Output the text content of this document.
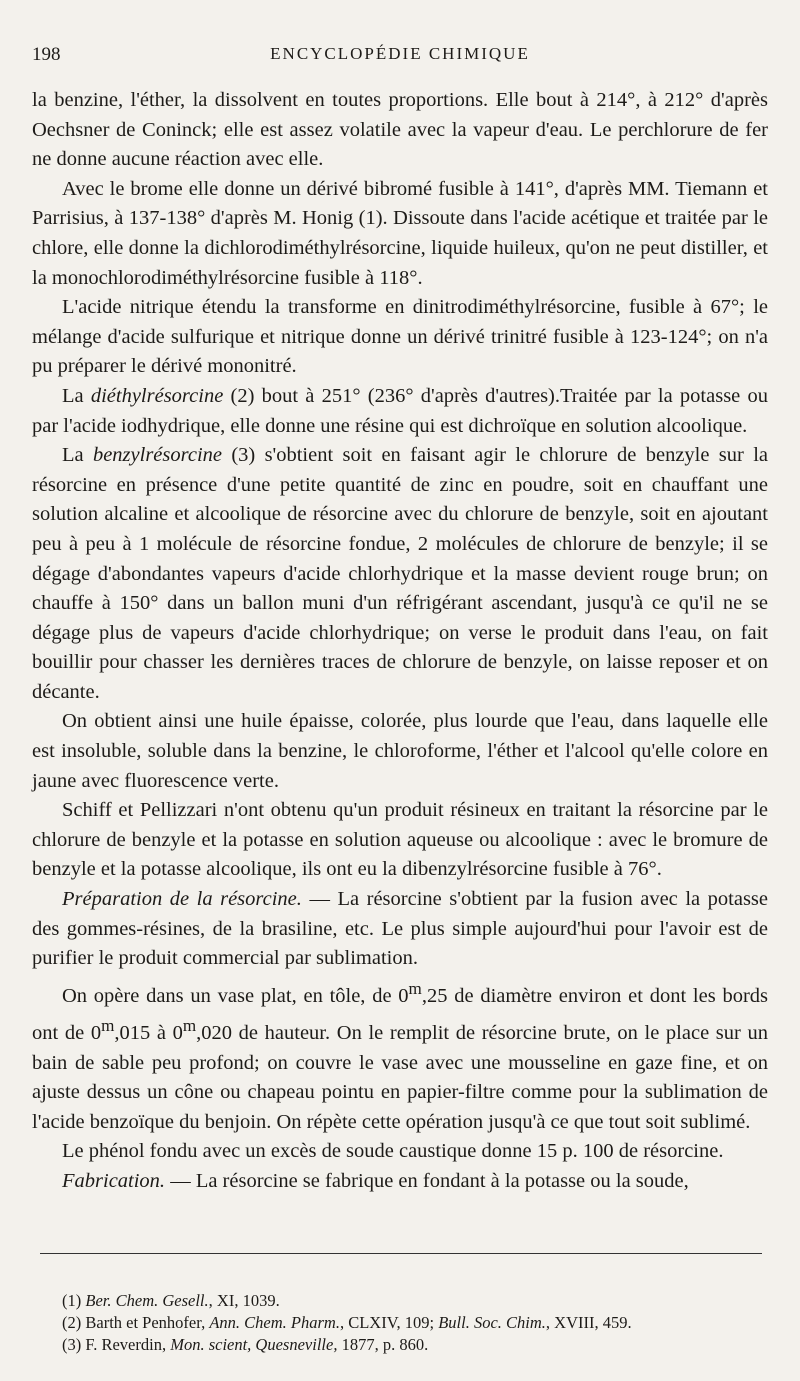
198	ENCYCLOPÉDIE CHIMIQUE

la benzine, l'éther, la dissolvent en toutes proportions. Elle bout à 214°, à 212° d'après Oechsner de Coninck; elle est assez volatile avec la vapeur d'eau. Le perchlorure de fer ne donne aucune réaction avec elle.

Avec le brome elle donne un dérivé bibromé fusible à 141°, d'après MM. Tiemann et Parrisius, à 137-138° d'après M. Honig (1). Dissoute dans l'acide acétique et traitée par le chlore, elle donne la dichlorodiméthylrésorcine, liquide huileux, qu'on ne peut distiller, et la monochlorodiméthylrésorcine fusible à 118°.

L'acide nitrique étendu la transforme en dinitrodiméthylrésorcine, fusible à 67°; le mélange d'acide sulfurique et nitrique donne un dérivé trinitré fusible à 123-124°; on n'a pu préparer le dérivé mononitré.

La diéthylrésorcine (2) bout à 251° (236° d'après d'autres).Traitée par la potasse ou par l'acide iodhydrique, elle donne une résine qui est dichroïque en solution alcoolique.

La benzylrésorcine (3) s'obtient soit en faisant agir le chlorure de benzyle sur la résorcine en présence d'une petite quantité de zinc en poudre, soit en chauffant une solution alcaline et alcoolique de résorcine avec du chlorure de benzyle, soit en ajoutant peu à peu à 1 molécule de résorcine fondue, 2 molécules de chlorure de benzyle; il se dégage d'abondantes vapeurs d'acide chlorhydrique et la masse devient rouge brun; on chauffe à 150° dans un ballon muni d'un réfrigérant ascendant, jusqu'à ce qu'il ne se dégage plus de vapeurs d'acide chlorhydrique; on verse le produit dans l'eau, on fait bouillir pour chasser les dernières traces de chlorure de benzyle, on laisse reposer et on décante.

On obtient ainsi une huile épaisse, colorée, plus lourde que l'eau, dans laquelle elle est insoluble, soluble dans la benzine, le chloroforme, l'éther et l'alcool qu'elle colore en jaune avec fluorescence verte.

Schiff et Pellizzari n'ont obtenu qu'un produit résineux en traitant la résorcine par le chlorure de benzyle et la potasse en solution aqueuse ou alcoolique : avec le bromure de benzyle et la potasse alcoolique, ils ont eu la dibenzylrésorcine fusible à 76°.

Préparation de la résorcine. — La résorcine s'obtient par la fusion avec la potasse des gommes-résines, de la brasiline, etc. Le plus simple aujourd'hui pour l'avoir est de purifier le produit commercial par sublimation.

On opère dans un vase plat, en tôle, de 0$^m$,25 de diamètre environ et dont les bords ont de 0$^m$,015 à 0$^m$,020 de hauteur. On le remplit de résorcine brute, on le place sur un bain de sable peu profond; on couvre le vase avec une mousseline en gaze fine, et on ajuste dessus un cône ou chapeau pointu en papier-filtre comme pour la sublimation de l'acide benzoïque du benjoin. On répète cette opération jusqu'à ce que tout soit sublimé.

Le phénol fondu avec un excès de soude caustique donne 15 p. 100 de résorcine.

Fabrication. — La résorcine se fabrique en fondant à la potasse ou la soude,

(1) Ber. Chem. Gesell., XI, 1039.
(2) Barth et Penhofer, Ann. Chem. Pharm., CLXIV, 109; Bull. Soc. Chim., XVIII, 459.
(3) F. Reverdin, Mon. scient, Quesneville, 1877, p. 860.
